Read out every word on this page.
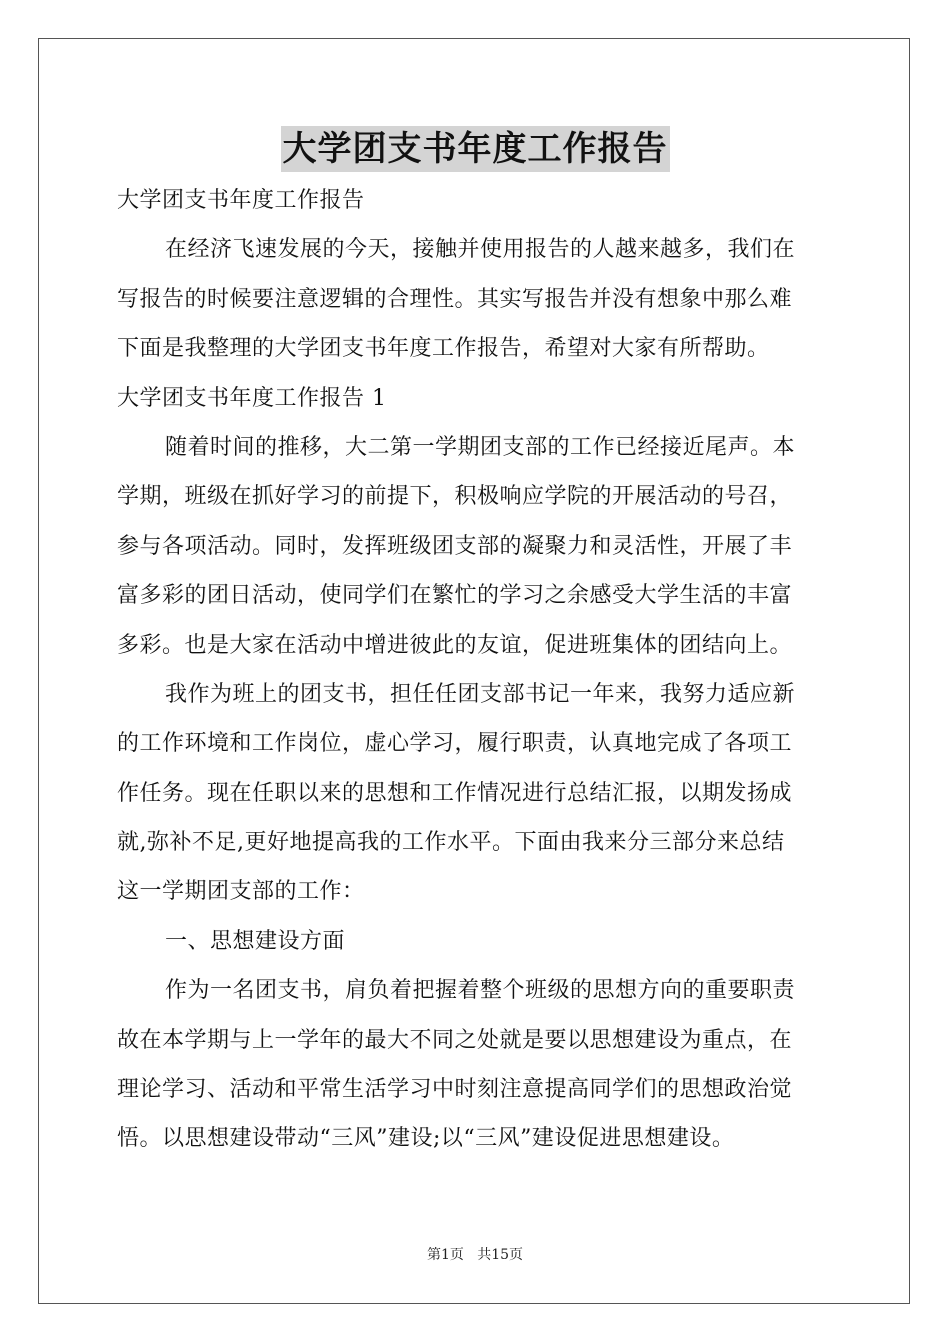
大学团支书年度工作报告
大学团支书年度工作报告
在经济飞速发展的今天，接触并使用报告的人越来越多，我们在
写报告的时候要注意逻辑的合理性。其实写报告并没有想象中那么难
下面是我整理的大学团支书年度工作报告，希望对大家有所帮助。
大学团支书年度工作报告 1
随着时间的推移，大二第一学期团支部的工作已经接近尾声。本
学期，班级在抓好学习的前提下，积极响应学院的开展活动的号召，
参与各项活动。同时，发挥班级团支部的凝聚力和灵活性，开展了丰
富多彩的团日活动，使同学们在繁忙的学习之余感受大学生活的丰富
多彩。也是大家在活动中增进彼此的友谊，促进班集体的团结向上。
我作为班上的团支书，担任任团支部书记一年来，我努力适应新
的工作环境和工作岗位，虚心学习，履行职责，认真地完成了各项工
作任务。现在任职以来的思想和工作情况进行总结汇报，以期发扬成
就,弥补不足,更好地提高我的工作水平。下面由我来分三部分来总结
这一学期团支部的工作：
一、思想建设方面
作为一名团支书，肩负着把握着整个班级的思想方向的重要职责
故在本学期与上一学年的最大不同之处就是要以思想建设为重点，在
理论学习、活动和平常生活学习中时刻注意提高同学们的思想政治觉
悟。以思想建设带动“三风”建设;以“三风”建设促进思想建设。
第1页   共15页
